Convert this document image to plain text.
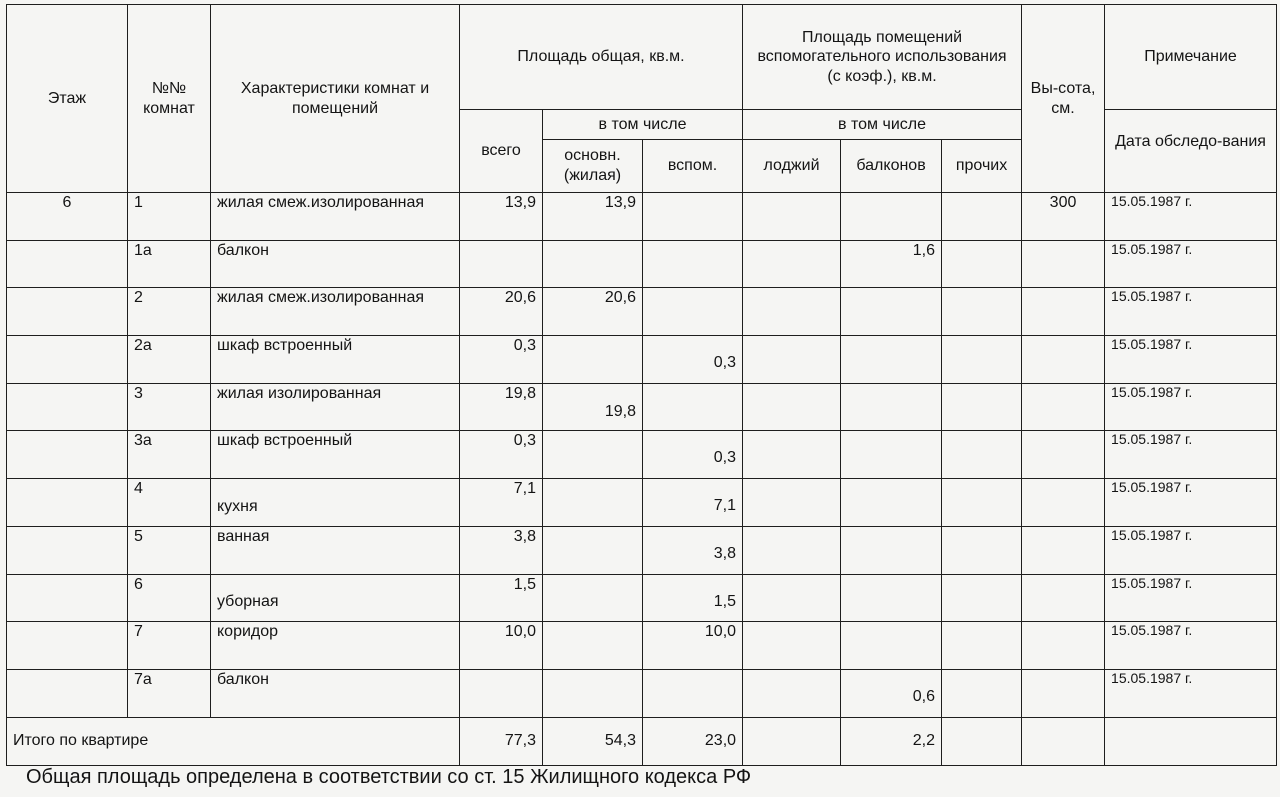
Этаж	№№ комнат	Характеристики комнат и помещений	Площадь общая, кв.м.			Площадь помещений вспомогательного использования (с коэф.), кв.м.			Вы-сота, см.	Примечание
			всего	в том числе		в том числе				Дата обследо-вания
				основн. (жилая)	вспом.	лоджий	балконов	прочих		
6	1	жилая смеж.изолированная	13,9	13,9					300	15.05.1987 г.
	1а	балкон					1,6			15.05.1987 г.
	2	жилая смеж.изолированная	20,6	20,6						15.05.1987 г.
	2а	шкаф встроенный	0,3		0,3					15.05.1987 г.
	3	жилая изолированная	19,8	19,8						15.05.1987 г.
	3а	шкаф встроенный	0,3		0,3					15.05.1987 г.
	4	кухня	7,1		7,1					15.05.1987 г.
	5	ванная	3,8		3,8					15.05.1987 г.
	6	уборная	1,5		1,5					15.05.1987 г.
	7	коридор	10,0		10,0					15.05.1987 г.
	7а	балкон					0,6			15.05.1987 г.
Итого по квартире			77,3	54,3	23,0		2,2			
Общая площадь определена в соответствии со ст. 15 Жилищного кодекса РФ
